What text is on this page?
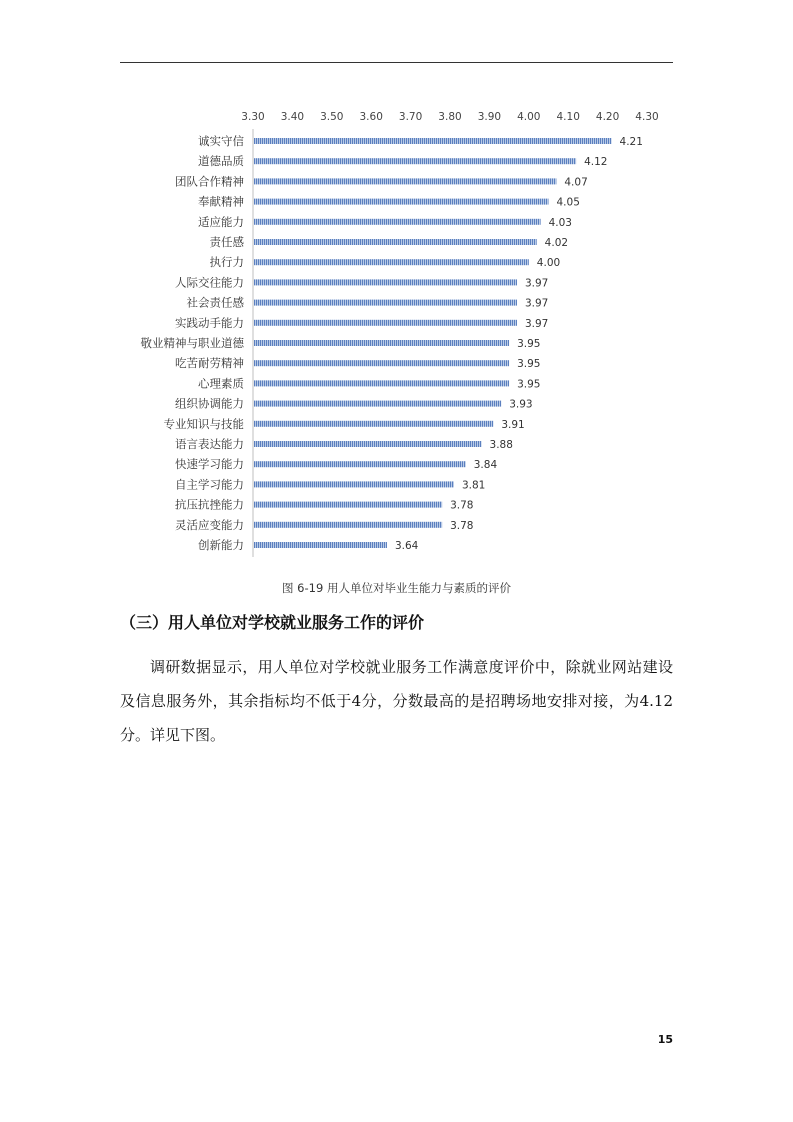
3.30 3.40 3.50 3.60 3.70 3.80 3.90 4.00 4.10 4.20 4.30
诚实守信
道德品质
团队合作精神
奉献精神
适应能力
责任感
执行力
人际交往能力
社会责任感
实践动手能力
敬业精神与职业道德
吃苦耐劳精神
心理素质
组织协调能力
专业知识与技能
语言表达能力
快速学习能力
自主学习能力
抗压抗挫能力
灵活应变能力
创新能力
4.21
4.12
4.07
4.05
4.03
4.02
4.00
3.97
3.97
3.97
3.95
3.95
3.95
3.93
3.91
3.88
3.84
3.81
3.78
3.78
3.64
图 6-19 用人单位对毕业生能力与素质的评价
（三）用人单位对学校就业服务工作的评价

调研数据显示，用人单位对学校就业服务工作满意度评价中，除就业网站建设及信息服务外，其余指标均不低于4分，分数最高的是招聘场地安排对接，为4.12分。详见下图。

15
